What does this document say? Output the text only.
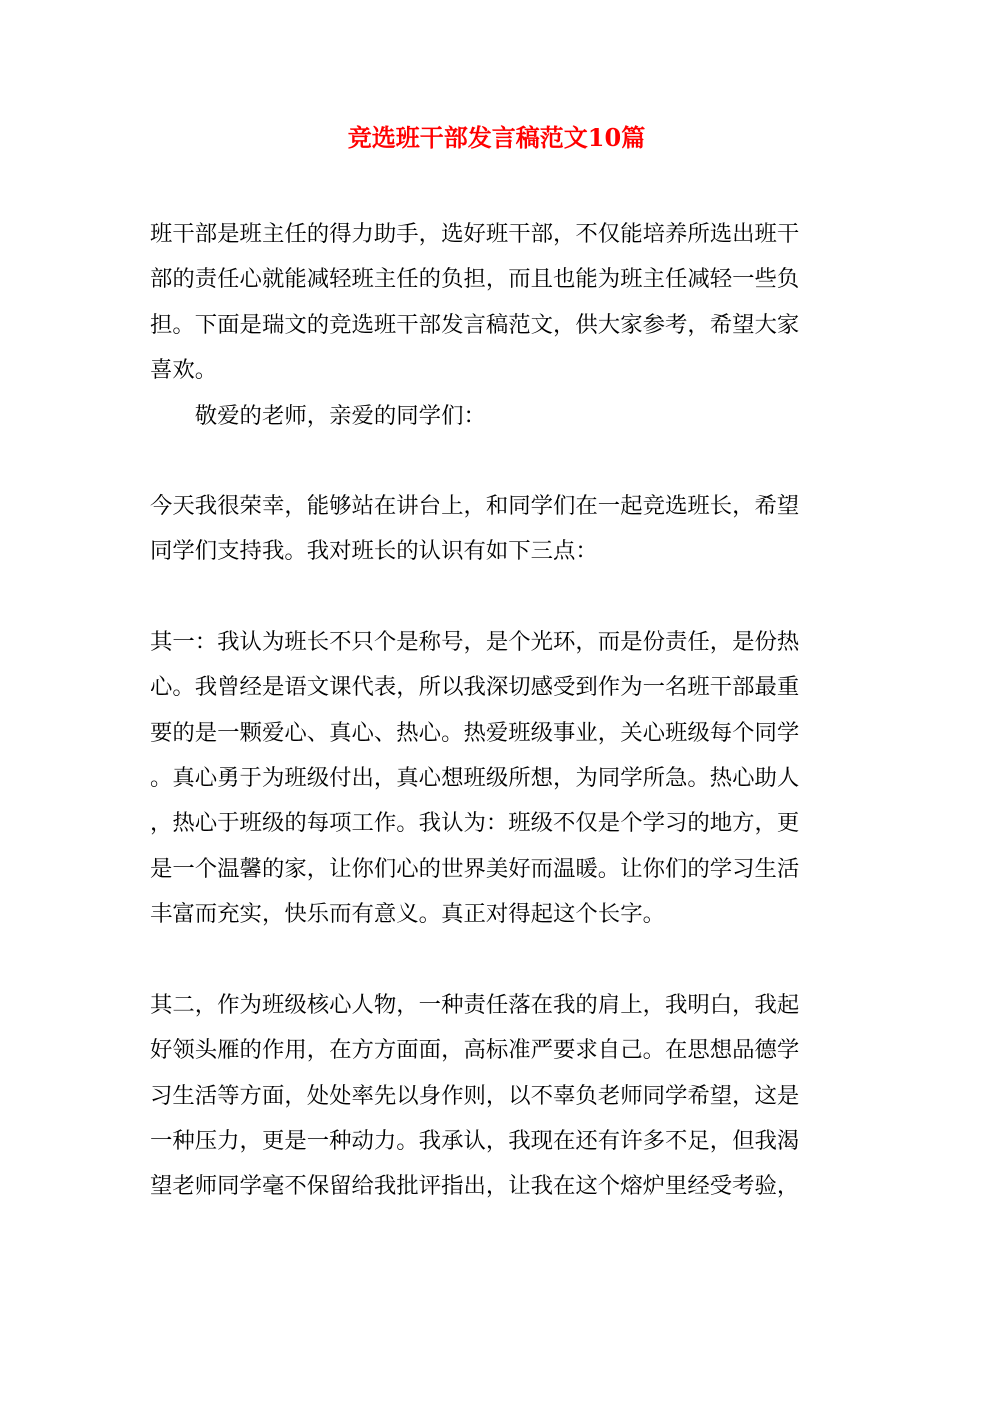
竞选班干部发言稿范文10篇
班干部是班主任的得力助手，选好班干部，不仅能培养所选出班干
部的责任心就能减轻班主任的负担，而且也能为班主任减轻一些负
担。下面是瑞文的竞选班干部发言稿范文，供大家参考，希望大家
喜欢。
　　敬爱的老师，亲爱的同学们：
今天我很荣幸，能够站在讲台上，和同学们在一起竞选班长，希望
同学们支持我。我对班长的认识有如下三点：
其一：我认为班长不只个是称号，是个光环，而是份责任，是份热
心。我曾经是语文课代表，所以我深切感受到作为一名班干部最重
要的是一颗爱心、真心、热心。热爱班级事业，关心班级每个同学
。真心勇于为班级付出，真心想班级所想，为同学所急。热心助人
，热心于班级的每项工作。我认为：班级不仅是个学习的地方，更
是一个温馨的家，让你们心的世界美好而温暖。让你们的学习生活
丰富而充实，快乐而有意义。真正对得起这个长字。
其二，作为班级核心人物，一种责任落在我的肩上，我明白，我起
好领头雁的作用，在方方面面，高标准严要求自己。在思想品德学
习生活等方面，处处率先以身作则，以不辜负老师同学希望，这是
一种压力，更是一种动力。我承认，我现在还有许多不足，但我渴
望老师同学毫不保留给我批评指出，让我在这个熔炉里经受考验，
